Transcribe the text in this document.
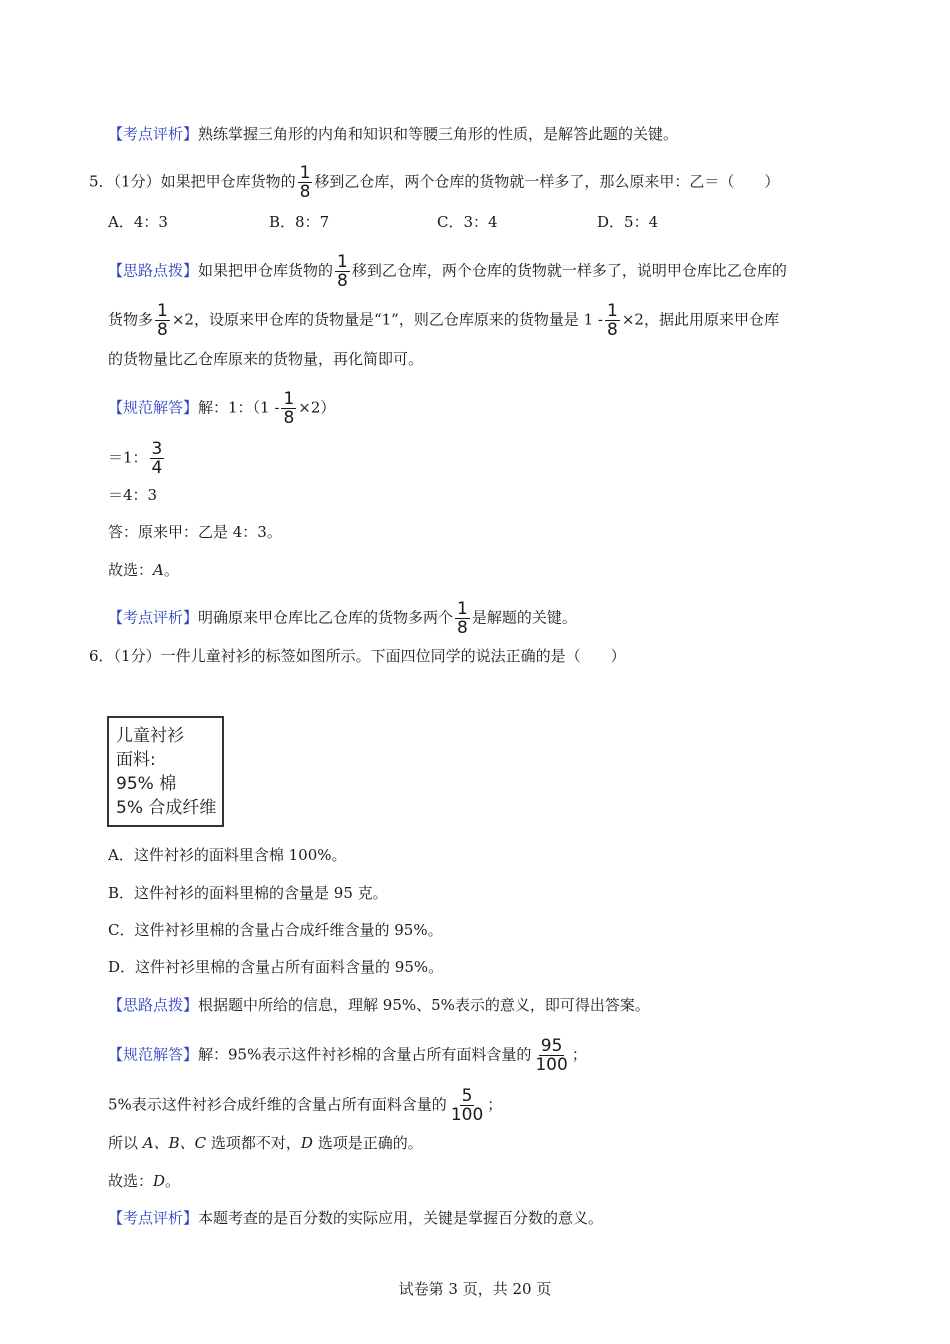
【考点评析】熟练掌握三角形的内角和知识和等腰三角形的性质，是解答此题的关键。
5．（1分）如果把甲仓库货物的 $\frac{1}{8}$ 移到乙仓库，两个仓库的货物就一样多了，那么原来甲：乙＝（　　）
A．4：3	B．8：7	C．3：4	D．5：4
【思路点拨】如果把甲仓库货物的 $\frac{1}{8}$ 移到乙仓库，两个仓库的货物就一样多了，说明甲仓库比乙仓库的
货物多 $\frac{1}{8} \times 2$，设原来甲仓库的货物量是“1”，则乙仓库原来的货物量是 $1 - \frac{1}{8} \times 2$，据此用原来甲仓库
的货物量比乙仓库原来的货物量，再化简即可。
【规范解答】解：1：$(1 - \frac{1}{8} \times 2)$
＝1： $\frac{3}{4}$
＝4：3
答：原来甲：乙是 4：3。
故选：A。
【考点评析】明确原来甲仓库比乙仓库的货物多两个 $\frac{1}{8}$ 是解题的关键。
6．（1分）一件儿童衬衫的标签如图所示。下面四位同学的说法正确的是（　　）
儿童衬衫
面料:
95% 棉
5% 合成纤维
A．这件衬衫的面料里含棉 100%。
B．这件衬衫的面料里棉的含量是 95 克。
C．这件衬衫里棉的含量占合成纤维含量的 95%。
D．这件衬衫里棉的含量占所有面料含量的 95%。
【思路点拨】根据题中所给的信息，理解 95%、5%表示的意义，即可得出答案。
【规范解答】解：95%表示这件衬衫棉的含量占所有面料含量的 $\frac{95}{100}$ ；
5%表示这件衬衫合成纤维的含量占所有面料含量的 $\frac{5}{100}$ ；
所以 A、B、C 选项都不对，D 选项是正确的。
故选：D。
【考点评析】本题考查的是百分数的实际应用，关键是掌握百分数的意义。
试卷第 3 页，共 20 页
